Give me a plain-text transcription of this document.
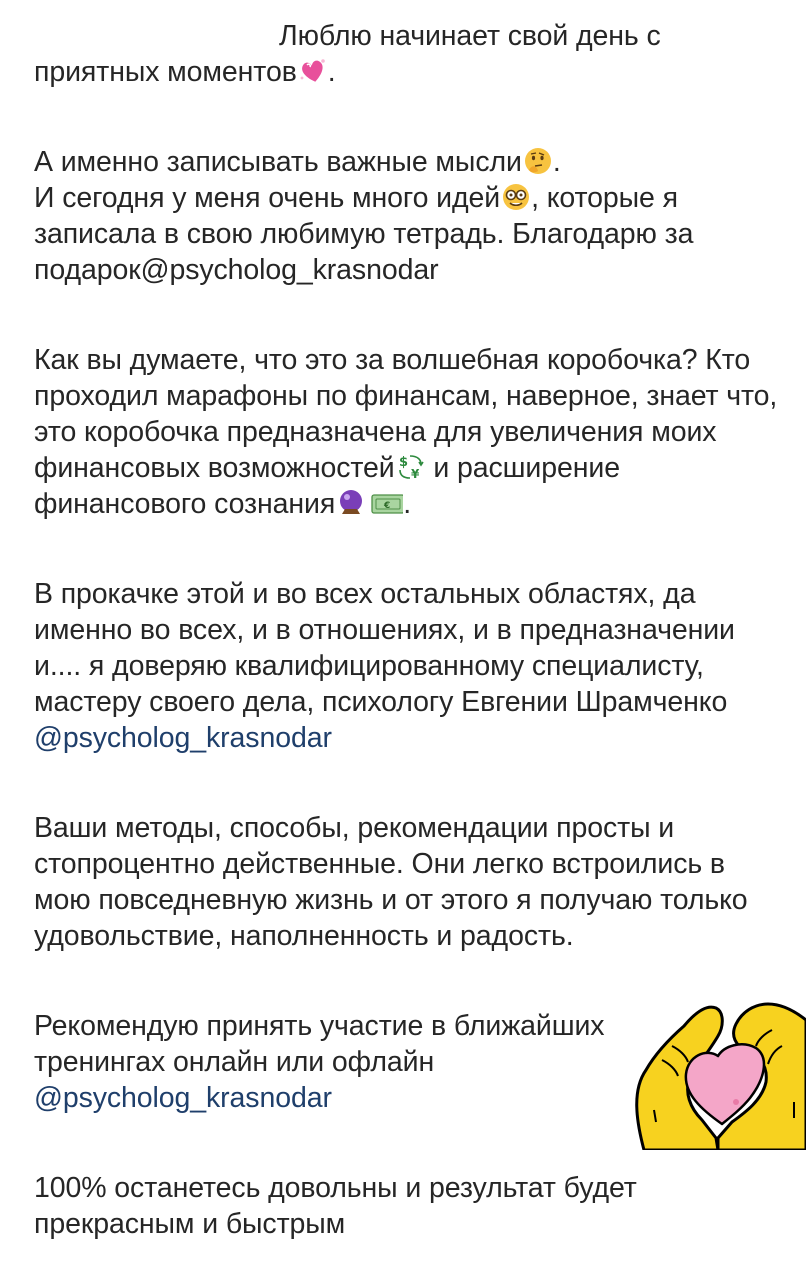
Люблю начинает свой день с
приятных моментов .

А именно записывать важные мысли .
И сегодня у меня очень много идей , которые я записала в свою любимую тетрадь. Благодарю за подарок@psycholog_krasnodar

Как вы думаете, что это за волшебная коробочка? Кто проходил марафоны по финансам, наверное, знает что, это коробочка предназначена для увеличения моих финансовых возможностей $
¥ и расширение финансового сознания	€ .

В прокачке этой и во всех остальных областях, да именно во всех, и в отношениях, и в предназначении и.... я доверяю квалифицированному специалисту, мастеру своего дела, психологу Евгении Шрамченко
@psycholog_krasnodar

Ваши методы, способы, рекомендации просты и стопроцентно действенные. Они легко встроились в мою повседневную жизнь и от этого я получаю только удовольствие, наполненность и радость.

Рекомендую принять участие в ближайших
тренингах онлайн или офлайн
@psycholog_krasnodar

100% останетесь довольны и результат будет прекрасным и быстрым
